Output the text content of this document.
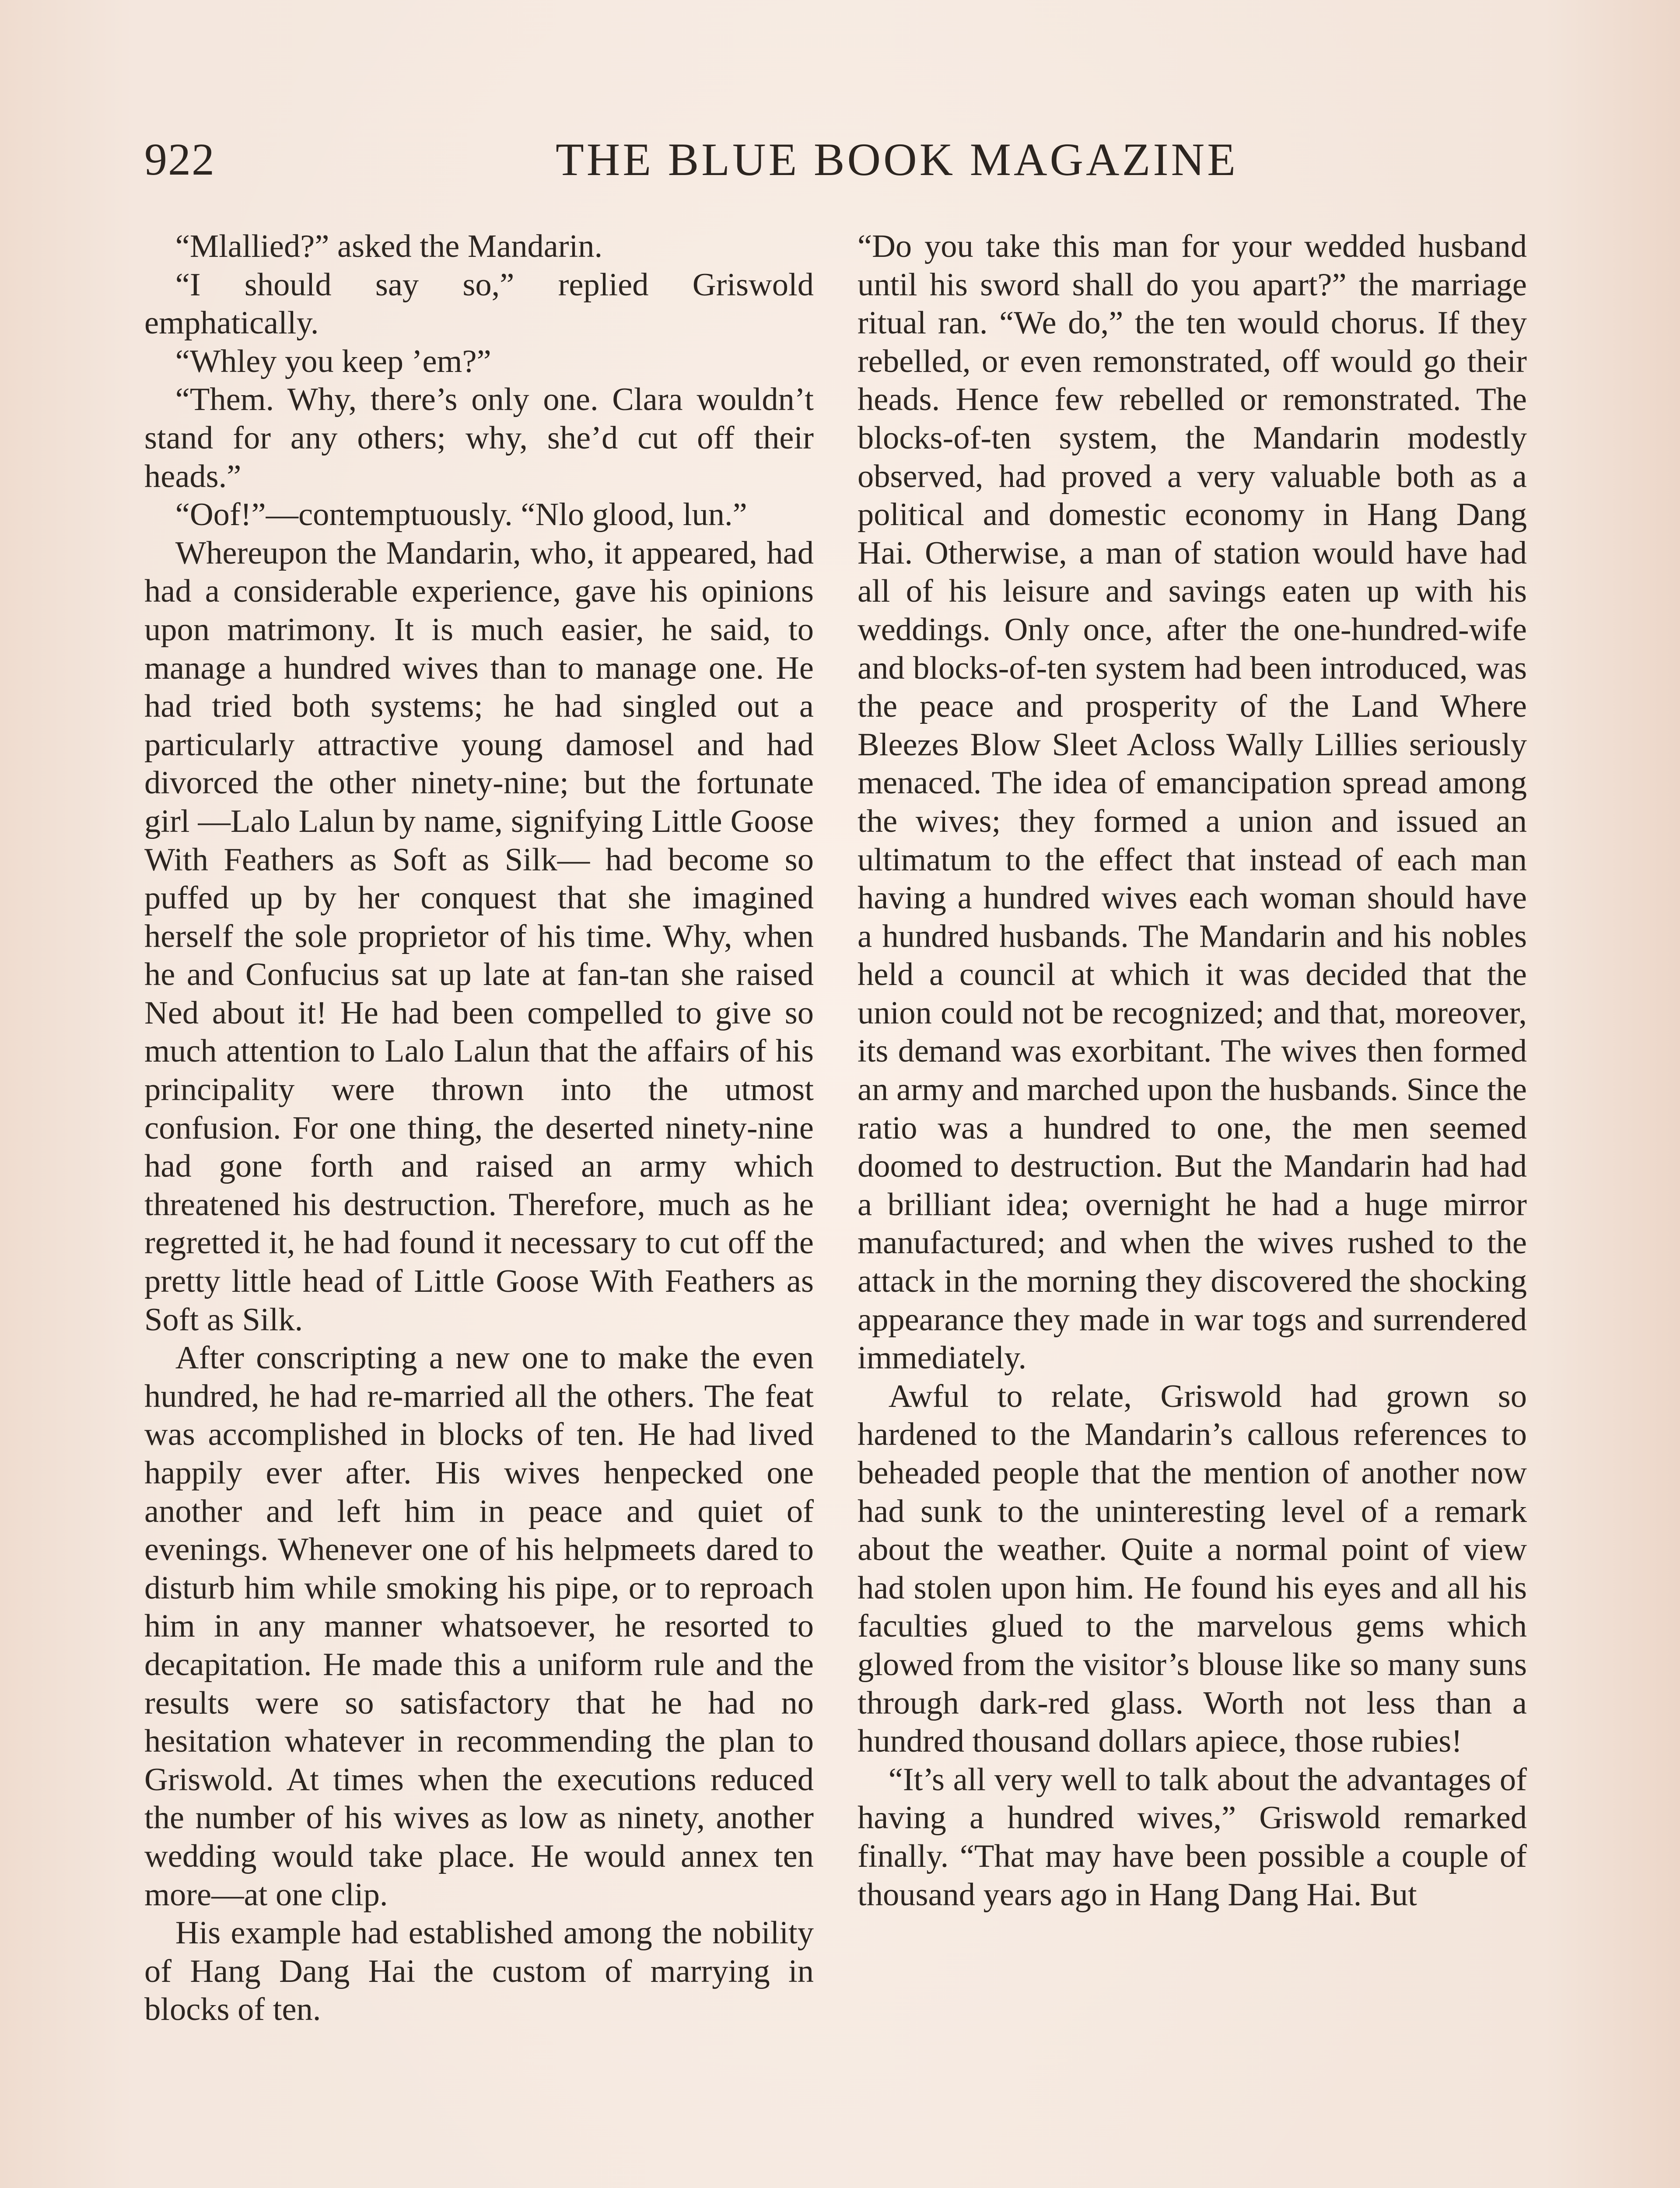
922	THE BLUE BOOK MAGAZINE

“Mlallied?” asked the Mandarin.

“I should say so,” replied Griswold emphatically.

“Whley you keep ’em?”

“Them. Why, there’s only one. Clara wouldn’t stand for any others; why, she’d cut off their heads.”

“Oof!”—contemptuously. “Nlo glood, lun.”

Whereupon the Mandarin, who, it appeared, had had a considerable experience, gave his opinions upon matrimony. It is much easier, he said, to manage a hundred wives than to manage one. He had tried both systems; he had singled out a particularly attractive young damosel and had divorced the other ninety-nine; but the fortunate girl —Lalo Lalun by name, signifying Little Goose With Feathers as Soft as Silk— had become so puffed up by her conquest that she imagined herself the sole proprietor of his time. Why, when he and Confucius sat up late at fan-tan she raised Ned about it! He had been compelled to give so much attention to Lalo Lalun that the affairs of his principality were thrown into the utmost confusion. For one thing, the deserted ninety-nine had gone forth and raised an army which threatened his destruction. Therefore, much as he regretted it, he had found it necessary to cut off the pretty little head of Little Goose With Feathers as Soft as Silk.

After conscripting a new one to make the even hundred, he had re-married all the others. The feat was accomplished in blocks of ten. He had lived happily ever after. His wives henpecked one another and left him in peace and quiet of evenings. Whenever one of his helpmeets dared to disturb him while smoking his pipe, or to reproach him in any manner whatsoever, he resorted to decapitation. He made this a uniform rule and the results were so satisfactory that he had no hesitation whatever in recommending the plan to Griswold. At times when the executions reduced the number of his wives as low as ninety, another wedding would take place. He would annex ten more—at one clip.

His example had established among the nobility of Hang Dang Hai the custom of marrying in blocks of ten.

“Do you take this man for your wedded husband until his sword shall do you apart?” the marriage ritual ran. “We do,” the ten would chorus. If they rebelled, or even remonstrated, off would go their heads. Hence few rebelled or remonstrated. The blocks-of-ten system, the Mandarin modestly observed, had proved a very valuable both as a political and domestic economy in Hang Dang Hai. Otherwise, a man of station would have had all of his leisure and savings eaten up with his weddings. Only once, after the one-hundred-wife and blocks-of-ten system had been introduced, was the peace and prosperity of the Land Where Bleezes Blow Sleet Acloss Wally Lillies seriously menaced. The idea of emancipation spread among the wives; they formed a union and issued an ultimatum to the effect that instead of each man having a hundred wives each woman should have a hundred husbands. The Mandarin and his nobles held a council at which it was decided that the union could not be recognized; and that, moreover, its demand was exorbitant. The wives then formed an army and marched upon the husbands. Since the ratio was a hundred to one, the men seemed doomed to destruction. But the Mandarin had had a brilliant idea; overnight he had a huge mirror manufactured; and when the wives rushed to the attack in the morning they discovered the shocking appearance they made in war togs and surrendered immediately.

Awful to relate, Griswold had grown so hardened to the Mandarin’s callous references to beheaded people that the mention of another now had sunk to the uninteresting level of a remark about the weather. Quite a normal point of view had stolen upon him. He found his eyes and all his faculties glued to the marvelous gems which glowed from the visitor’s blouse like so many suns through dark-red glass. Worth not less than a hundred thousand dollars apiece, those rubies!

“It’s all very well to talk about the advantages of having a hundred wives,” Griswold remarked finally. “That may have been possible a couple of thousand years ago in Hang Dang Hai. But
